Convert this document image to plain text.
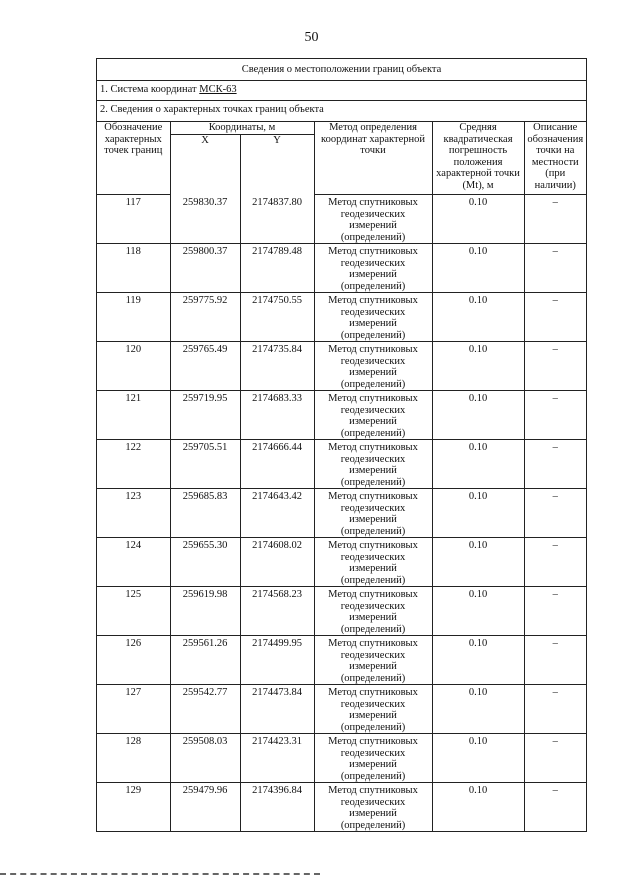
50
Сведения о местоположении границ объекта
1. Система координат МСК-63
2. Сведения о характерных точках границ объекта
Обозначение характерных точек границ	Координаты, м		Метод определения координат характерной точки	Средняя квадратическая погрешность положения характерной точки (Mt), м	Описание обозначения точки на местности (при наличии)
	X	Y			
117	259830.37	2174837.80	Метод спутниковых геодезических измерений (определений)	0.10	–
118	259800.37	2174789.48	Метод спутниковых геодезических измерений (определений)	0.10	–
119	259775.92	2174750.55	Метод спутниковых геодезических измерений (определений)	0.10	–
120	259765.49	2174735.84	Метод спутниковых геодезических измерений (определений)	0.10	–
121	259719.95	2174683.33	Метод спутниковых геодезических измерений (определений)	0.10	–
122	259705.51	2174666.44	Метод спутниковых геодезических измерений (определений)	0.10	–
123	259685.83	2174643.42	Метод спутниковых геодезических измерений (определений)	0.10	–
124	259655.30	2174608.02	Метод спутниковых геодезических измерений (определений)	0.10	–
125	259619.98	2174568.23	Метод спутниковых геодезических измерений (определений)	0.10	–
126	259561.26	2174499.95	Метод спутниковых геодезических измерений (определений)	0.10	–
127	259542.77	2174473.84	Метод спутниковых геодезических измерений (определений)	0.10	–
128	259508.03	2174423.31	Метод спутниковых геодезических измерений (определений)	0.10	–
129	259479.96	2174396.84	Метод спутниковых геодезических измерений (определений)	0.10	–
